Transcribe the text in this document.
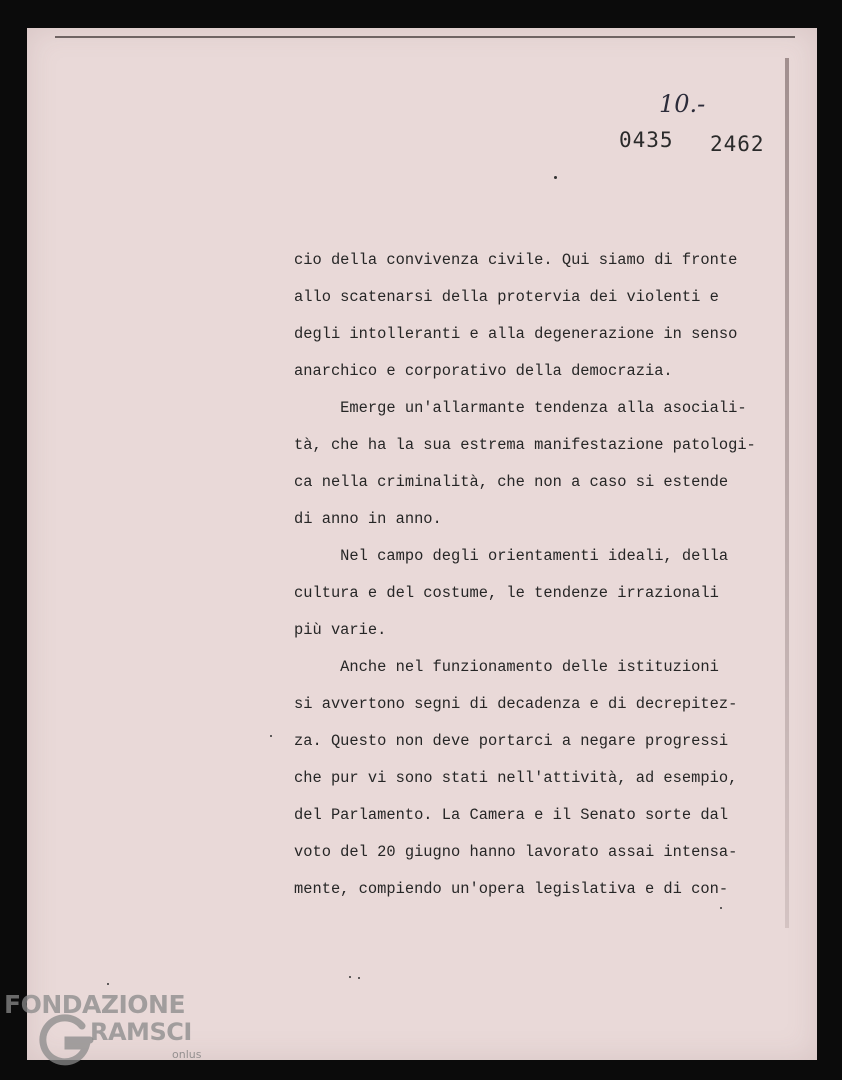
10.-
0435 2462
cio della convivenza civile. Qui siamo di fronte
allo scatenarsi della protervia dei violenti e
degli intolleranti e alla degenerazione in senso
anarchico e corporativo della democrazia.
Emerge un'allarmante tendenza alla asociali-
tà, che ha la sua estrema manifestazione patologi-
ca nella criminalità, che non a caso si estende
di anno in anno.
Nel campo degli orientamenti ideali, della
cultura e del costume, le tendenze irrazionali
più varie.
Anche nel funzionamento delle istituzioni
si avvertono segni di decadenza e di decrepitez-
za. Questo non deve portarci a negare progressi
che pur vi sono stati nell'attività, ad esempio,
del Parlamento. La Camera e il Senato sorte dal
voto del 20 giugno hanno lavorato assai intensa-
mente, compiendo un'opera legislativa e di con-
FONDAZIONE
RAMSCI
onlus
